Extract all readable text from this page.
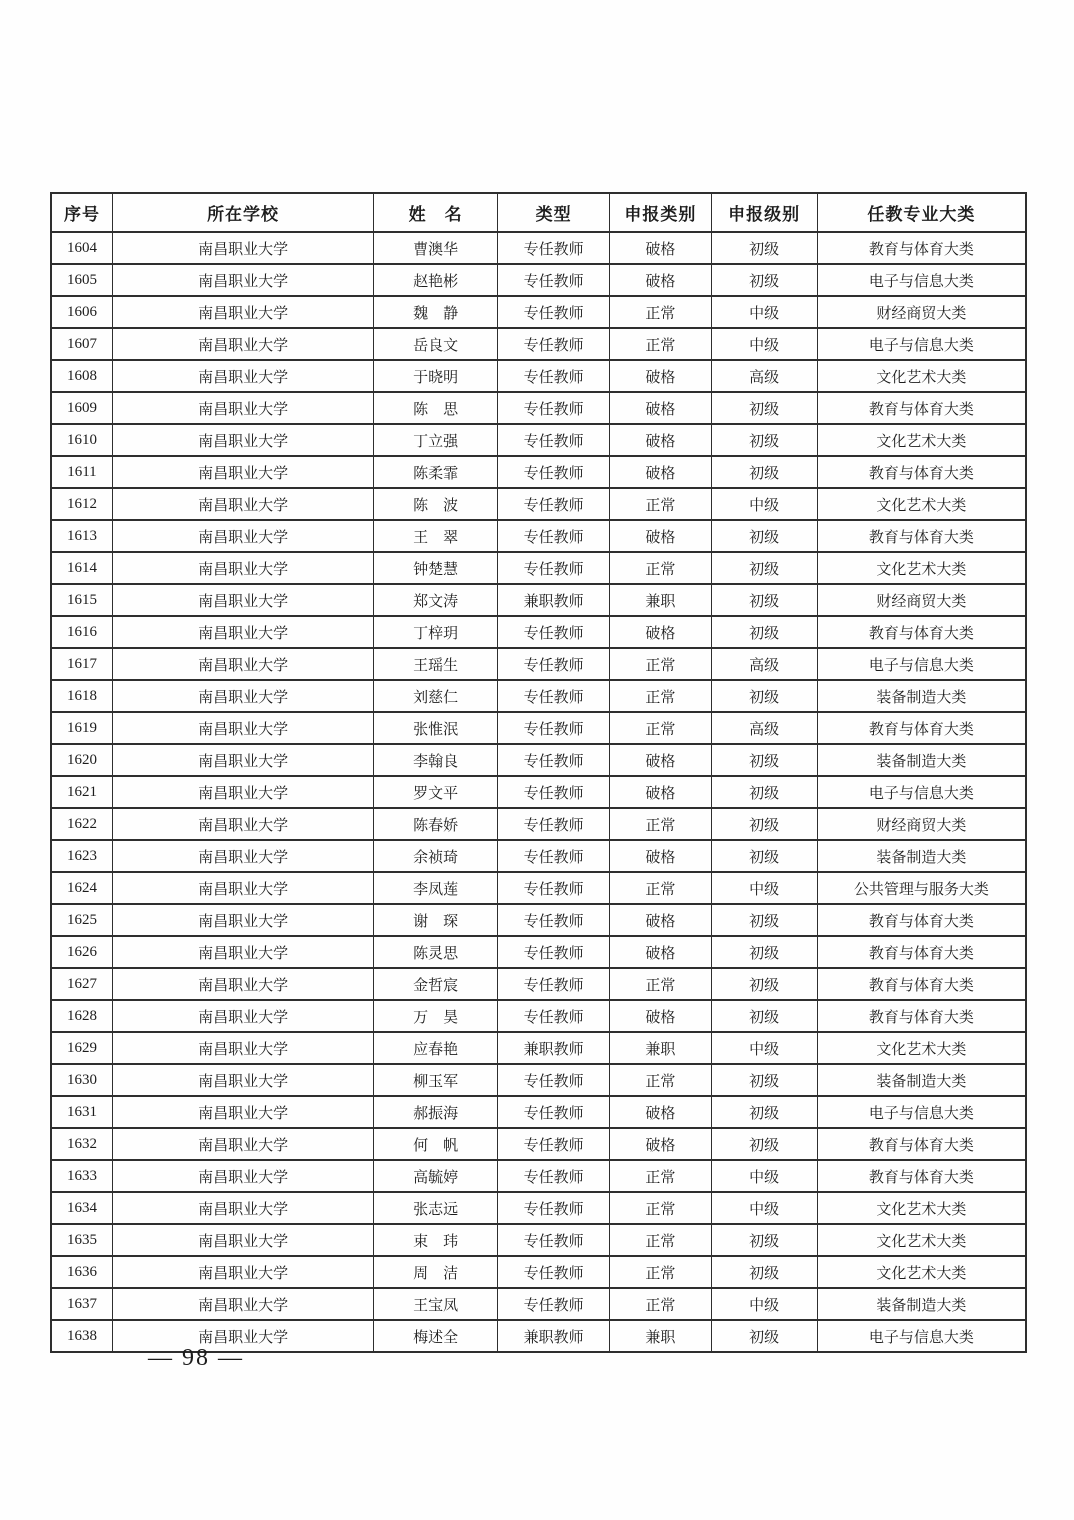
序号	所在学校	姓　名	类型	申报类别	申报级别	任教专业大类
1604	南昌职业大学	曹澳华	专任教师	破格	初级	教育与体育大类
1605	南昌职业大学	赵艳彬	专任教师	破格	初级	电子与信息大类
1606	南昌职业大学	魏　静	专任教师	正常	中级	财经商贸大类
1607	南昌职业大学	岳良文	专任教师	正常	中级	电子与信息大类
1608	南昌职业大学	于晓明	专任教师	破格	高级	文化艺术大类
1609	南昌职业大学	陈　思	专任教师	破格	初级	教育与体育大类
1610	南昌职业大学	丁立强	专任教师	破格	初级	文化艺术大类
1611	南昌职业大学	陈柔霏	专任教师	破格	初级	教育与体育大类
1612	南昌职业大学	陈　波	专任教师	正常	中级	文化艺术大类
1613	南昌职业大学	王　翠	专任教师	破格	初级	教育与体育大类
1614	南昌职业大学	钟楚慧	专任教师	正常	初级	文化艺术大类
1615	南昌职业大学	郑文涛	兼职教师	兼职	初级	财经商贸大类
1616	南昌职业大学	丁梓玥	专任教师	破格	初级	教育与体育大类
1617	南昌职业大学	王瑶生	专任教师	正常	高级	电子与信息大类
1618	南昌职业大学	刘慈仁	专任教师	正常	初级	装备制造大类
1619	南昌职业大学	张惟泯	专任教师	正常	高级	教育与体育大类
1620	南昌职业大学	李翰良	专任教师	破格	初级	装备制造大类
1621	南昌职业大学	罗文平	专任教师	破格	初级	电子与信息大类
1622	南昌职业大学	陈春娇	专任教师	正常	初级	财经商贸大类
1623	南昌职业大学	余祯琦	专任教师	破格	初级	装备制造大类
1624	南昌职业大学	李凤莲	专任教师	正常	中级	公共管理与服务大类
1625	南昌职业大学	谢　琛	专任教师	破格	初级	教育与体育大类
1626	南昌职业大学	陈灵思	专任教师	破格	初级	教育与体育大类
1627	南昌职业大学	金哲宸	专任教师	正常	初级	教育与体育大类
1628	南昌职业大学	万　昊	专任教师	破格	初级	教育与体育大类
1629	南昌职业大学	应春艳	兼职教师	兼职	中级	文化艺术大类
1630	南昌职业大学	柳玉军	专任教师	正常	初级	装备制造大类
1631	南昌职业大学	郝振海	专任教师	破格	初级	电子与信息大类
1632	南昌职业大学	何　帆	专任教师	破格	初级	教育与体育大类
1633	南昌职业大学	高毓婷	专任教师	正常	中级	教育与体育大类
1634	南昌职业大学	张志远	专任教师	正常	中级	文化艺术大类
1635	南昌职业大学	束　玮	专任教师	正常	初级	文化艺术大类
1636	南昌职业大学	周　洁	专任教师	正常	初级	文化艺术大类
1637	南昌职业大学	王宝凤	专任教师	正常	中级	装备制造大类
1638	南昌职业大学	梅述全	兼职教师	兼职	初级	电子与信息大类
— 98 —
